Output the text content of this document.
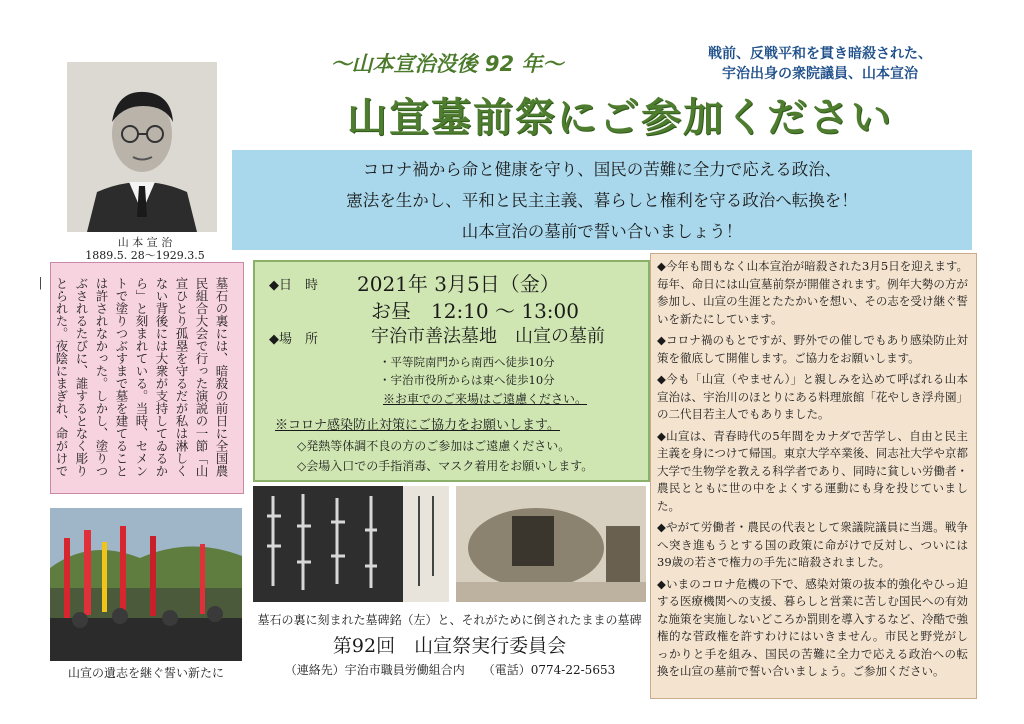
山 本 宣 治
1889.5. 28〜1929.3.5
〜山本宣治没後 92 年〜	戦前、反戦平和を貫き暗殺された、
宇治出身の衆院議員、山本宣治
山宣墓前祭にご参加ください
コロナ禍から命と健康を守り、国民の苦難に全力で応える政治、
憲法を生かし、平和と民主主義、暮らしと権利を守る政治へ転換を！
山本宣治の墓前で誓い合いましょう！
墓石の裏には、暗殺の前日に全国農民組合大会で行った演説の一節「山宣ひとり孤塁を守るだが私は淋しくない背後には大衆が支持してゐるから」と刻まれている。当時、セメントで塗りつぶすまで墓を建てることは許されなかった。しかし、塗りつぶされるたびに、誰するとなく彫りとられた。夜陰にまぎれ、命がけで―	◆日　時 2021年 3月5日（金）
お昼　12:10 〜 13:00
◆場　所	宇治市善法墓地　山宣の墓前
・平等院南門から南西へ徒歩10分
・宇治市役所からは東へ徒歩10分
※お車でのご来場はご遠慮ください。
※コロナ感染防止対策にご協力をお願いします。
◇発熱等体調不良の方のご参加はご遠慮ください。
◇会場入口での手指消毒、マスク着用をお願いします。
◆今年も間もなく山本宣治が暗殺された3月5日を迎えます。毎年、命日には山宣墓前祭が開催されます。例年大勢の方が参加し、山宣の生涯とたたかいを想い、その志を受け継ぐ誓いを新たにしています。
◆コロナ禍のもとですが、野外での催しでもあり感染防止対策を徹底して開催します。ご協力をお願いします。
◆今も「山宣（やません）」と親しみを込めて呼ばれる山本宣治は、宇治川のほとりにある料理旅館「花やしき浮舟園」の二代目若主人でもありました。
◆山宣は、青春時代の5年間をカナダで苦学し、自由と民主主義を身につけて帰国。東京大学卒業後、同志社大学や京都大学で生物学を教える科学者であり、同時に貧しい労働者・農民とともに世の中をよくする運動にも身を投じていました。
◆やがて労働者・農民の代表として衆議院議員に当選。戦争へ突き進もうとする国の政策に命がけで反対し、ついには39歳の若さで権力の手先に暗殺されました。
◆いまのコロナ危機の下で、感染対策の抜本的強化やひっ迫する医療機関への支援、暮らしと営業に苦しむ国民への有効な施策を実施しないどころか罰則を導入するなど、冷酷で強権的な菅政権を許すわけにはいきません。市民と野党がしっかりと手を組み、国民の苦難に全力で応える政治への転換を山宣の墓前で誓い合いましょう。ご参加ください。
山宣の遺志を継ぐ誓い新たに
墓石の裏に刻まれた墓碑銘（左）と、それがために倒されたままの墓碑
第92回　山宣祭実行委員会
（連絡先）宇治市職員労働組合内　　（電話）0774-22-5653
